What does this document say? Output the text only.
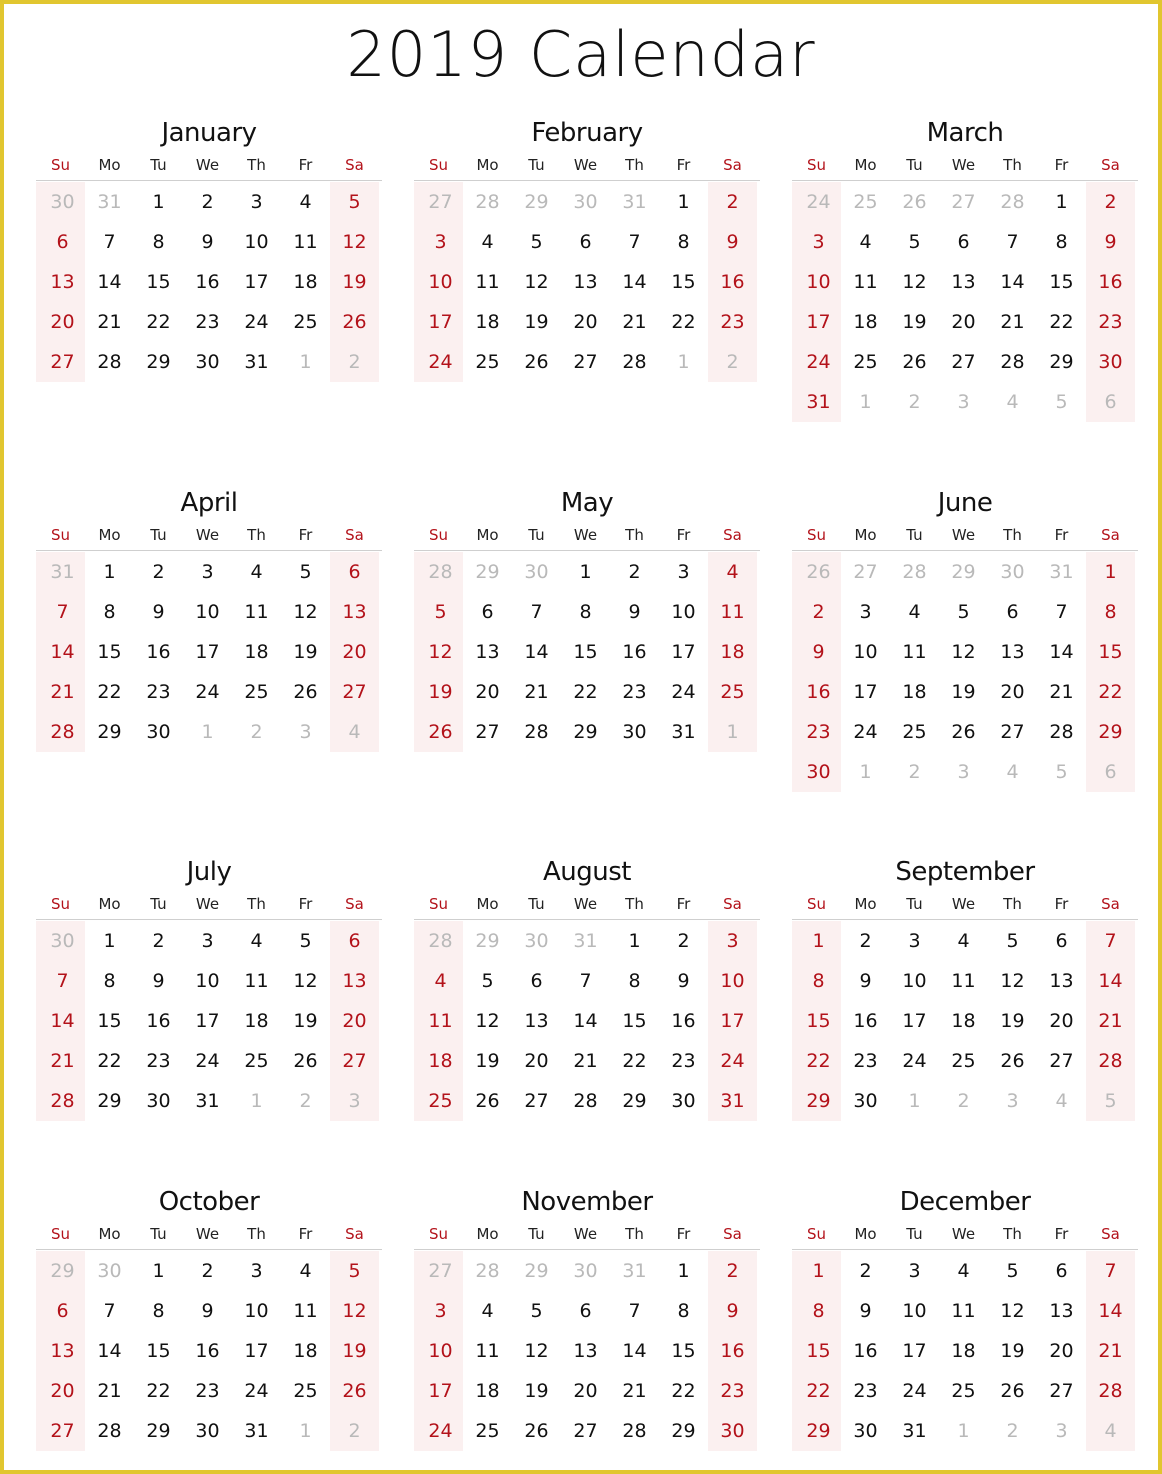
2019 Calendar
January
Su	Mo	Tu	We	Th	Fr	Sa
30	31	1	2	3	4	5
6	7	8	9	10	11	12
13	14	15	16	17	18	19
20	21	22	23	24	25	26
27	28	29	30	31	1	2
February
Su	Mo	Tu	We	Th	Fr	Sa
27	28	29	30	31	1	2
3	4	5	6	7	8	9
10	11	12	13	14	15	16
17	18	19	20	21	22	23
24	25	26	27	28	1	2
March
Su	Mo	Tu	We	Th	Fr	Sa
24	25	26	27	28	1	2
3	4	5	6	7	8	9
10	11	12	13	14	15	16
17	18	19	20	21	22	23
24	25	26	27	28	29	30
31	1	2	3	4	5	6
April
Su	Mo	Tu	We	Th	Fr	Sa
31	1	2	3	4	5	6
7	8	9	10	11	12	13
14	15	16	17	18	19	20
21	22	23	24	25	26	27
28	29	30	1	2	3	4
May
Su	Mo	Tu	We	Th	Fr	Sa
28	29	30	1	2	3	4
5	6	7	8	9	10	11
12	13	14	15	16	17	18
19	20	21	22	23	24	25
26	27	28	29	30	31	1
June
Su	Mo	Tu	We	Th	Fr	Sa
26	27	28	29	30	31	1
2	3	4	5	6	7	8
9	10	11	12	13	14	15
16	17	18	19	20	21	22
23	24	25	26	27	28	29
30	1	2	3	4	5	6
July
Su	Mo	Tu	We	Th	Fr	Sa
30	1	2	3	4	5	6
7	8	9	10	11	12	13
14	15	16	17	18	19	20
21	22	23	24	25	26	27
28	29	30	31	1	2	3
August
Su	Mo	Tu	We	Th	Fr	Sa
28	29	30	31	1	2	3
4	5	6	7	8	9	10
11	12	13	14	15	16	17
18	19	20	21	22	23	24
25	26	27	28	29	30	31
September
Su	Mo	Tu	We	Th	Fr	Sa
1	2	3	4	5	6	7
8	9	10	11	12	13	14
15	16	17	18	19	20	21
22	23	24	25	26	27	28
29	30	1	2	3	4	5
October
Su	Mo	Tu	We	Th	Fr	Sa
29	30	1	2	3	4	5
6	7	8	9	10	11	12
13	14	15	16	17	18	19
20	21	22	23	24	25	26
27	28	29	30	31	1	2
November
Su	Mo	Tu	We	Th	Fr	Sa
27	28	29	30	31	1	2
3	4	5	6	7	8	9
10	11	12	13	14	15	16
17	18	19	20	21	22	23
24	25	26	27	28	29	30
December
Su	Mo	Tu	We	Th	Fr	Sa
1	2	3	4	5	6	7
8	9	10	11	12	13	14
15	16	17	18	19	20	21
22	23	24	25	26	27	28
29	30	31	1	2	3	4
